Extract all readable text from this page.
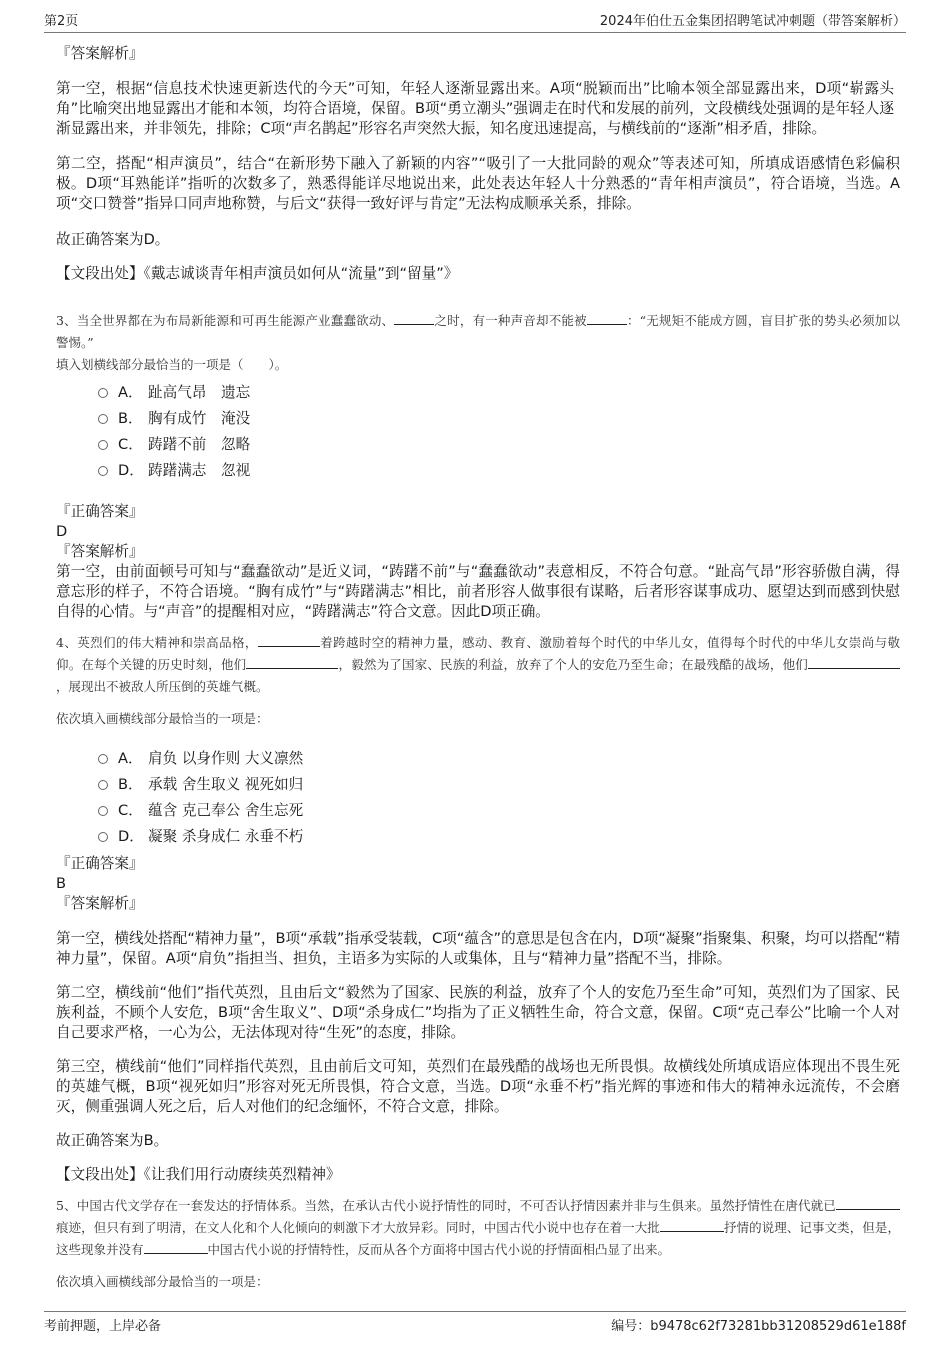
第2页	2024年伯仕五金集团招聘笔试冲刺题（带答案解析）

『答案解析』

第一空，根据“信息技术快速更新迭代的今天”可知，年轻人逐渐显露出来。A项“脱颖而出”比喻本领全部显露出来，D项“崭露头角”比喻突出地显露出才能和本领，均符合语境，保留。B项“勇立潮头”强调走在时代和发展的前列，文段横线处强调的是年轻人逐渐显露出来，并非领先，排除；C项“声名鹊起”形容名声突然大振，知名度迅速提高，与横线前的“逐渐”相矛盾，排除。

第二空，搭配“相声演员”，结合“在新形势下融入了新颖的内容”“吸引了一大批同龄的观众”等表述可知，所填成语感情色彩偏积极。D项“耳熟能详”指听的次数多了，熟悉得能详尽地说出来，此处表达年轻人十分熟悉的“青年相声演员”，符合语境，当选。A项“交口赞誉”指异口同声地称赞，与后文“获得一致好评与肯定”无法构成顺承关系，排除。

故正确答案为D。

【文段出处】《戴志诚谈青年相声演员如何从“流量”到“留量”》

3、当全世界都在为布局新能源和可再生能源产业蠢蠢欲动、	之时，有一种声音却不能被	：“无规矩不能成方圆，盲目扩张的势头必须加以警惕。”

填入划横线部分最恰当的一项是（　　）。

A． 趾高气昂　遗忘
B． 胸有成竹　淹没
C． 踌躇不前　忽略
D． 踌躇满志　忽视

『正确答案』

D

『答案解析』

第一空，由前面顿号可知与“蠢蠢欲动”是近义词，“踌躇不前”与“蠢蠢欲动”表意相反，不符合句意。“趾高气昂”形容骄傲自满，得意忘形的样子，不符合语境。“胸有成竹”与“踌躇满志”相比，前者形容人做事很有谋略，后者形容谋事成功、愿望达到而感到快慰自得的心情。与“声音”的提醒相对应，“踌躇满志”符合文意。因此D项正确。

4、英烈们的伟大精神和崇高品格，	着跨越时空的精神力量，感动、教育、激励着每个时代的中华儿女，值得每个时代的中华儿女崇尚与敬仰。在每个关键的历史时刻，他们	，毅然为了国家、民族的利益，放弃了个人的安危乃至生命；在最残酷的战场，他们，展现出不被敌人所压倒的英雄气概。

依次填入画横线部分最恰当的一项是：

A． 肩负 以身作则 大义凛然
B． 承载 舍生取义 视死如归
C． 蕴含 克己奉公 舍生忘死
D． 凝聚 杀身成仁 永垂不朽

『正确答案』

B

『答案解析』

第一空，横线处搭配“精神力量”，B项“承载”指承受装载，C项“蕴含”的意思是包含在内，D项“凝聚”指聚集、积聚，均可以搭配“精神力量”，保留。A项“肩负”指担当、担负，主语多为实际的人或集体，且与“精神力量”搭配不当，排除。

第二空，横线前“他们”指代英烈，且由后文“毅然为了国家、民族的利益，放弃了个人的安危乃至生命”可知，英烈们为了国家、民族利益，不顾个人安危，B项“舍生取义”、D项“杀身成仁”均指为了正义牺牲生命，符合文意，保留。C项“克己奉公”比喻一个人对自己要求严格，一心为公，无法体现对待“生死”的态度，排除。

第三空，横线前“他们”同样指代英烈，且由前后文可知，英烈们在最残酷的战场也无所畏惧。故横线处所填成语应体现出不畏生死的英雄气概，B项“视死如归”形容对死无所畏惧，符合文意，当选。D项“永垂不朽”指光辉的事迹和伟大的精神永远流传，不会磨灭，侧重强调人死之后，后人对他们的纪念缅怀，不符合文意，排除。

故正确答案为B。

【文段出处】《让我们用行动赓续英烈精神》

5、中国古代文学存在一套发达的抒情体系。当然，在承认古代小说抒情性的同时，不可否认抒情因素并非与生俱来。虽然抒情性在唐代就已痕迹，但只有到了明清，在文人化和个人化倾向的刺激下才大放异彩。同时，中国古代小说中也存在着一大批	抒情的说理、记事文类，但是，这些现象并没有	中国古代小说的抒情特性，反而从各个方面将中国古代小说的抒情面相凸显了出来。

依次填入画横线部分最恰当的一项是：

考前押题，上岸必备	编号：b9478c62f73281bb31208529d61e188f
